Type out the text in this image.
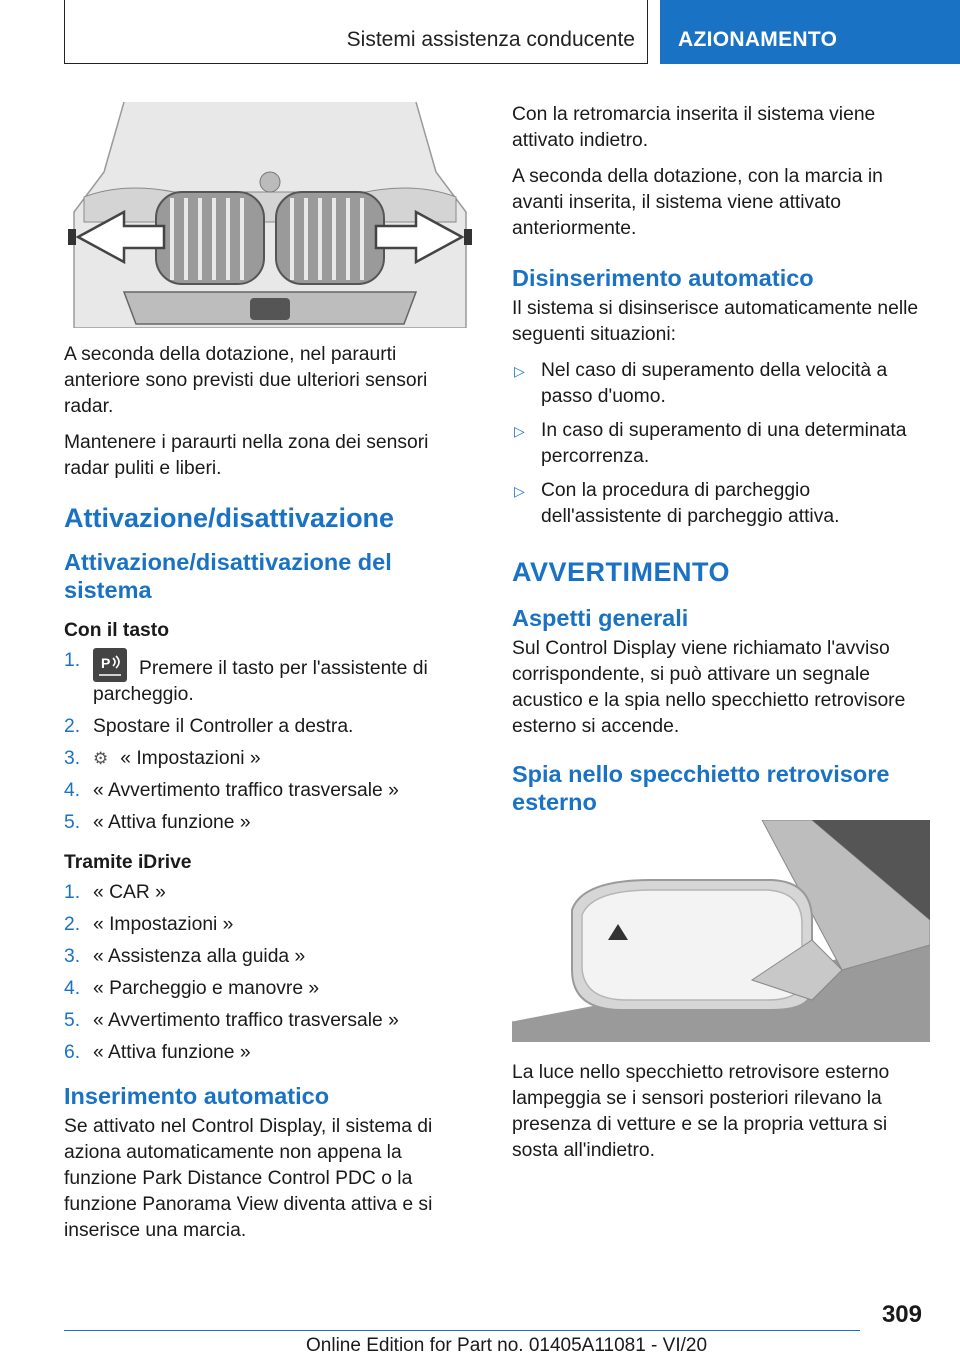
Sistemi assistenza conducente AZIONAMENTO

A seconda della dotazione, nel paraurti anteriore sono previsti due ulteriori sensori radar.

Mantenere i paraurti nella zona dei sensori radar puliti e liberi.

Attivazione/disattivazione
Attivazione/disattivazione del sistema
Con il tasto
1. P Premere il tasto per l'assistente di parcheggio.
2. Spostare il Controller a destra.
3. ⚙ « Impostazioni »
4. « Avvertimento traffico trasversale »
5. « Attiva funzione »
Tramite iDrive
1. « CAR »
2. « Impostazioni »
3. « Assistenza alla guida »
4. « Parcheggio e manovre »
5. « Avvertimento traffico trasversale »
6. « Attiva funzione »
Inserimento automatico

Se attivato nel Control Display, il sistema di aziona automaticamente non appena la funzione Park Distance Control PDC o la funzione Panorama View diventa attiva e si inserisce una marcia.

Con la retromarcia inserita il sistema viene attivato indietro.

A seconda della dotazione, con la marcia in avanti inserita, il sistema viene attivato anteriormente.

Disinserimento automatico

Il sistema si disinserisce automaticamente nelle seguenti situazioni:

▷ Nel caso di superamento della velocità a passo d'uomo.
▷ In caso di superamento di una determinata percorrenza.
▷ Con la procedura di parcheggio dell'assistente di parcheggio attiva.
AVVERTIMENTO
Aspetti generali

Sul Control Display viene richiamato l'avviso corrispondente, si può attivare un segnale acustico e la spia nello specchietto retrovisore esterno si accende.

Spia nello specchietto retrovisore esterno

La luce nello specchietto retrovisore esterno lampeggia se i sensori posteriori rilevano la presenza di vetture e se la propria vettura si sosta all'indietro.

309
Online Edition for Part no. 01405A11081 - VI/20
